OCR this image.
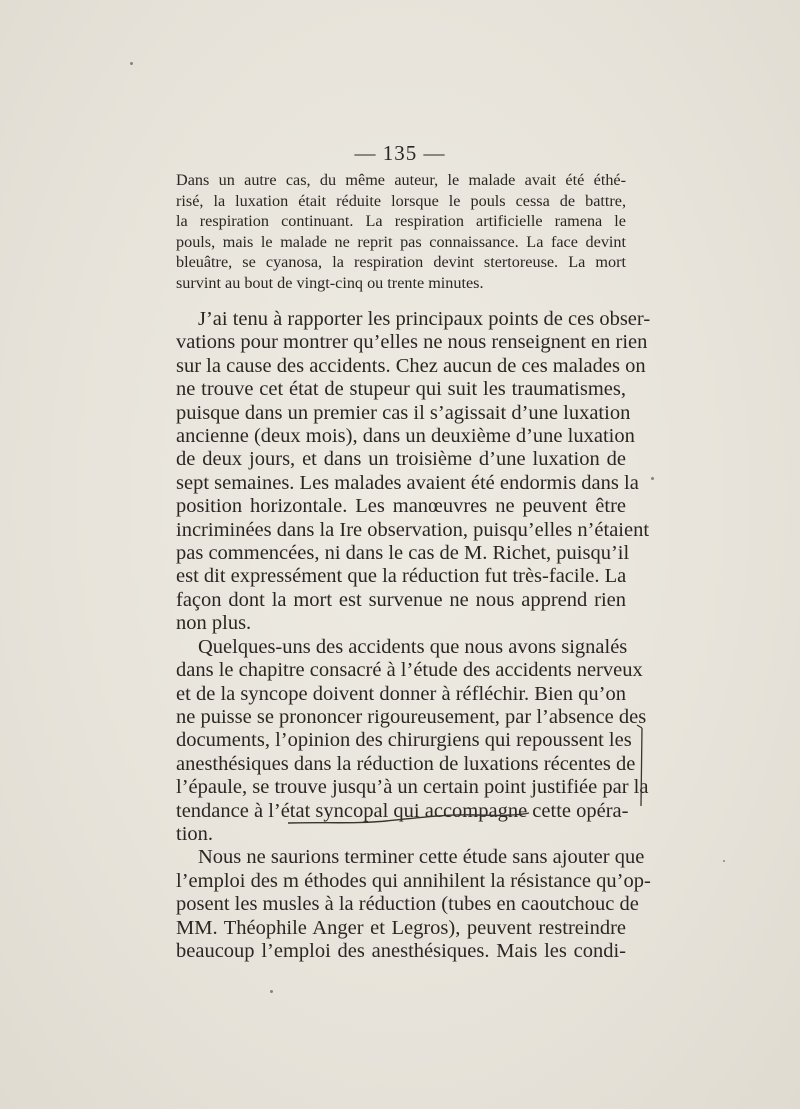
— 135 —
Dans un autre cas, du même auteur, le malade avait été éthé-
risé, la luxation était réduite lorsque le pouls cessa de battre,
la respiration continuant. La respiration artificielle ramena le
pouls, mais le malade ne reprit pas connaissance. La face devint
bleuâtre, se cyanosa, la respiration devint stertoreuse. La mort
survint au bout de vingt-cinq ou trente minutes.
J’ai tenu à rapporter les principaux points de ces obser-
vations pour montrer qu’elles ne nous renseignent en rien
sur la cause des accidents. Chez aucun de ces malades on
ne trouve cet état de stupeur qui suit les traumatismes,
puisque dans un premier cas il s’agissait d’une luxation
ancienne (deux mois), dans un deuxième d’une luxation
de deux jours, et dans un troisième d’une luxation de
sept semaines. Les malades avaient été endormis dans la
position horizontale. Les manœuvres ne peuvent être
incriminées dans la Ire observation, puisqu’elles n’étaient
pas commencées, ni dans le cas de M. Richet, puisqu’il
est dit expressément que la réduction fut très-facile. La
façon dont la mort est survenue ne nous apprend rien
non plus.
Quelques-uns des accidents que nous avons signalés
dans le chapitre consacré à l’étude des accidents nerveux
et de la syncope doivent donner à réfléchir. Bien qu’on
ne puisse se prononcer rigoureusement, par l’absence des
documents, l’opinion des chirurgiens qui repoussent les
anesthésiques dans la réduction de luxations récentes de
l’épaule, se trouve jusqu’à un certain point justifiée par la
tendance à l’état syncopal qui accompagne cette opéra-
tion.
Nous ne saurions terminer cette étude sans ajouter que
l’emploi des m éthodes qui annihilent la résistance qu’op-
posent les musles à la réduction (tubes en caoutchouc de
MM. Théophile Anger et Legros), peuvent restreindre
beaucoup l’emploi des anesthésiques. Mais les condi-
